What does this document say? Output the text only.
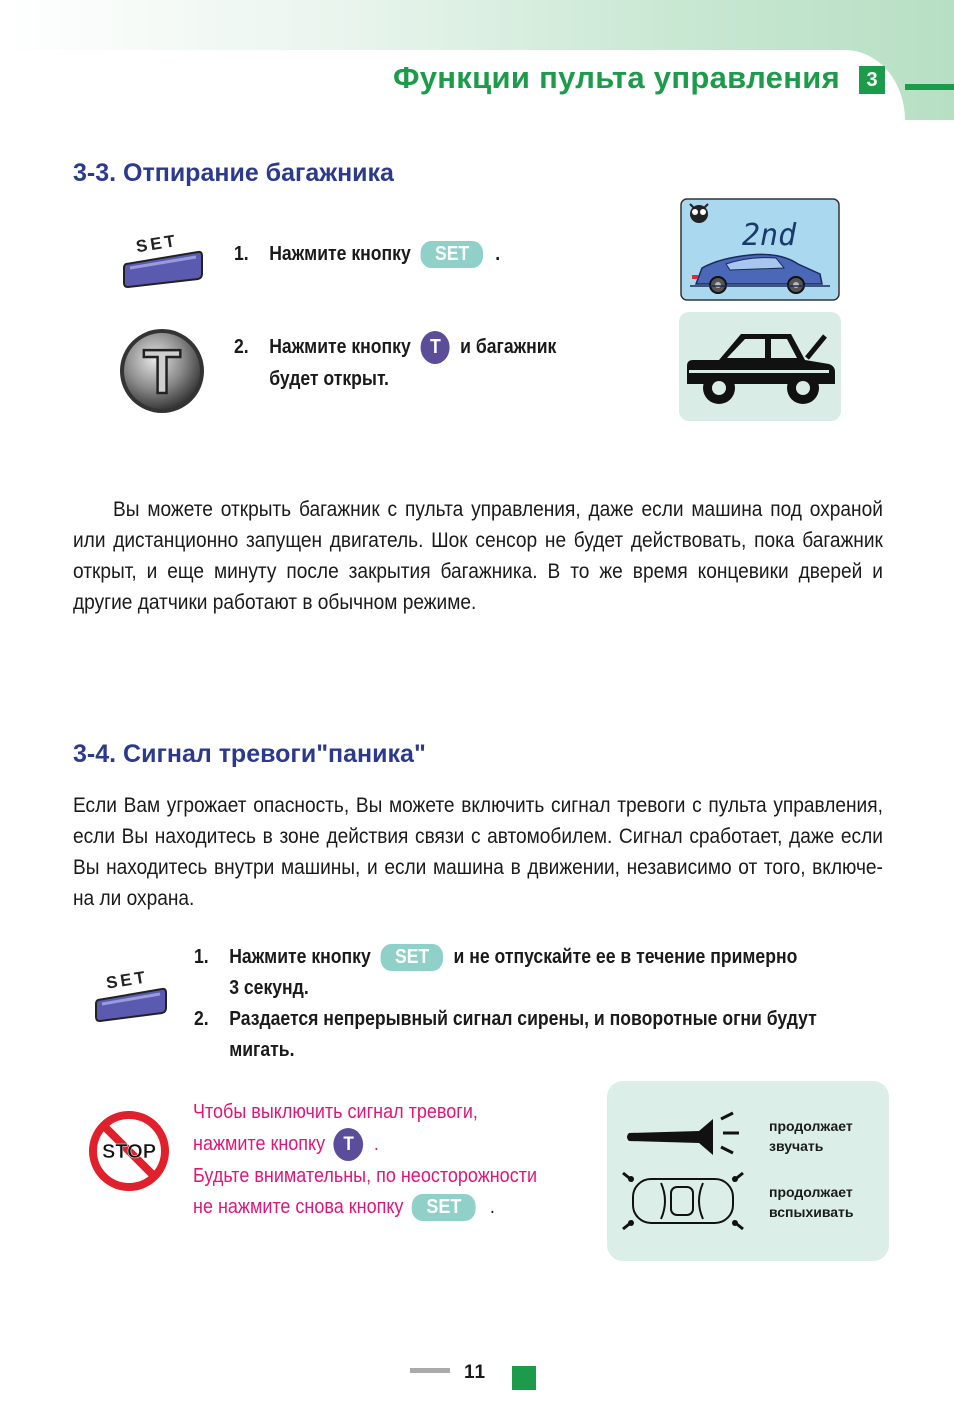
Функции пульта управления	3
3-3. Отпирание багажника
SET	1. Нажмите кнопку SET .
T	2. Нажмите кнопку T и багажник
будет открыт.
2nd

Вы можете открыть багажник с пульта управления, даже если машина под охраной или дистанционно запущен двигатель. Шок сенсор не будет действовать, пока багажник открыт, и еще минуту после закрытия багажника. В то же время концевики дверей и другие датчики работают в обычном режиме.

3-4. Сигнал тревоги"паника"

Если Вам угрожает опасность, Вы можете включить сигнал тревоги с пульта управления, если Вы находитесь в зоне действия связи с автомобилем. Сигнал сработает, даже если Вы находитесь внутри машины, и если машина в движении, независимо от того, включе-на ли охрана.

SET
1. Нажмите кнопку SET и не отпускайте ее в течение примерно
3 секунд.
2. Раздается непрерывный сигнал сирены, и поворотные огни будут
мигать.
STOP
Чтобы выключить сигнал тревоги,
нажмите кнопку T .
Будьте внимательны, по неосторожности
не нажмите снова кнопку SET .
продолжает звучать
продолжает вспыхивать
11
